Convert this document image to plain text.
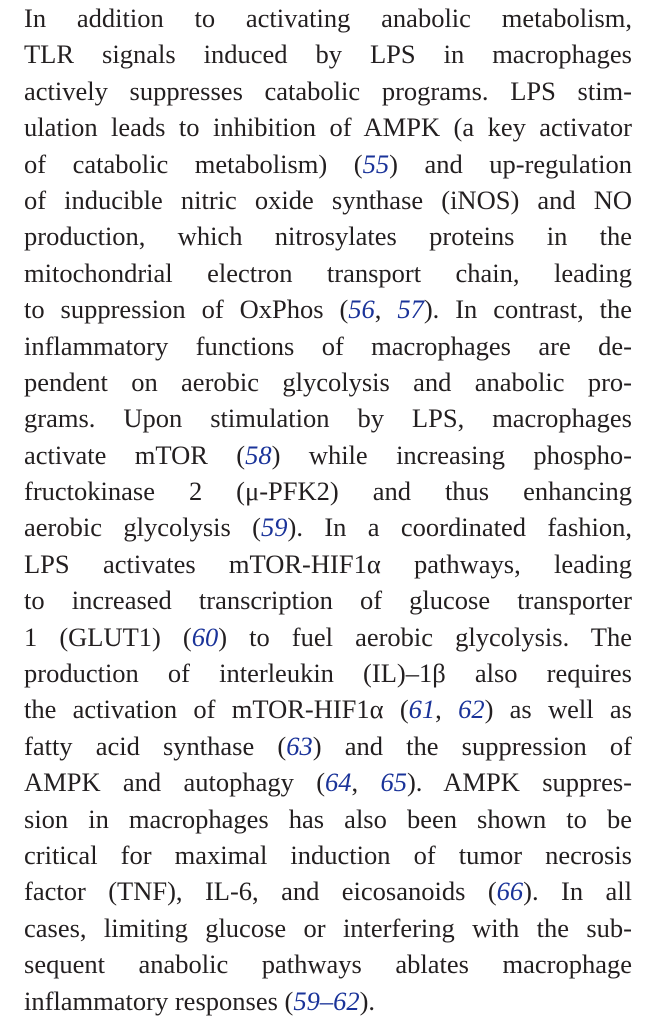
In addition to activating anabolic metabolism,
TLR signals induced by LPS in macrophages
actively suppresses catabolic programs. LPS stim-
ulation leads to inhibition of AMPK (a key activator
of catabolic metabolism) (55) and up-regulation
of inducible nitric oxide synthase (iNOS) and NO
production, which nitrosylates proteins in the
mitochondrial electron transport chain, leading
to suppression of OxPhos (56, 57). In contrast, the
inflammatory functions of macrophages are de-
pendent on aerobic glycolysis and anabolic pro-
grams. Upon stimulation by LPS, macrophages
activate mTOR (58) while increasing phospho-
fructokinase 2 (μ-PFK2) and thus enhancing
aerobic glycolysis (59). In a coordinated fashion,
LPS activates mTOR-HIF1α pathways, leading
to increased transcription of glucose transporter
1 (GLUT1) (60) to fuel aerobic glycolysis. The
production of interleukin (IL)–1β also requires
the activation of mTOR-HIF1α (61, 62) as well as
fatty acid synthase (63) and the suppression of
AMPK and autophagy (64, 65). AMPK suppres-
sion in macrophages has also been shown to be
critical for maximal induction of tumor necrosis
factor (TNF), IL-6, and eicosanoids (66). In all
cases, limiting glucose or interfering with the sub-
sequent anabolic pathways ablates macrophage
inflammatory responses (59–62).
